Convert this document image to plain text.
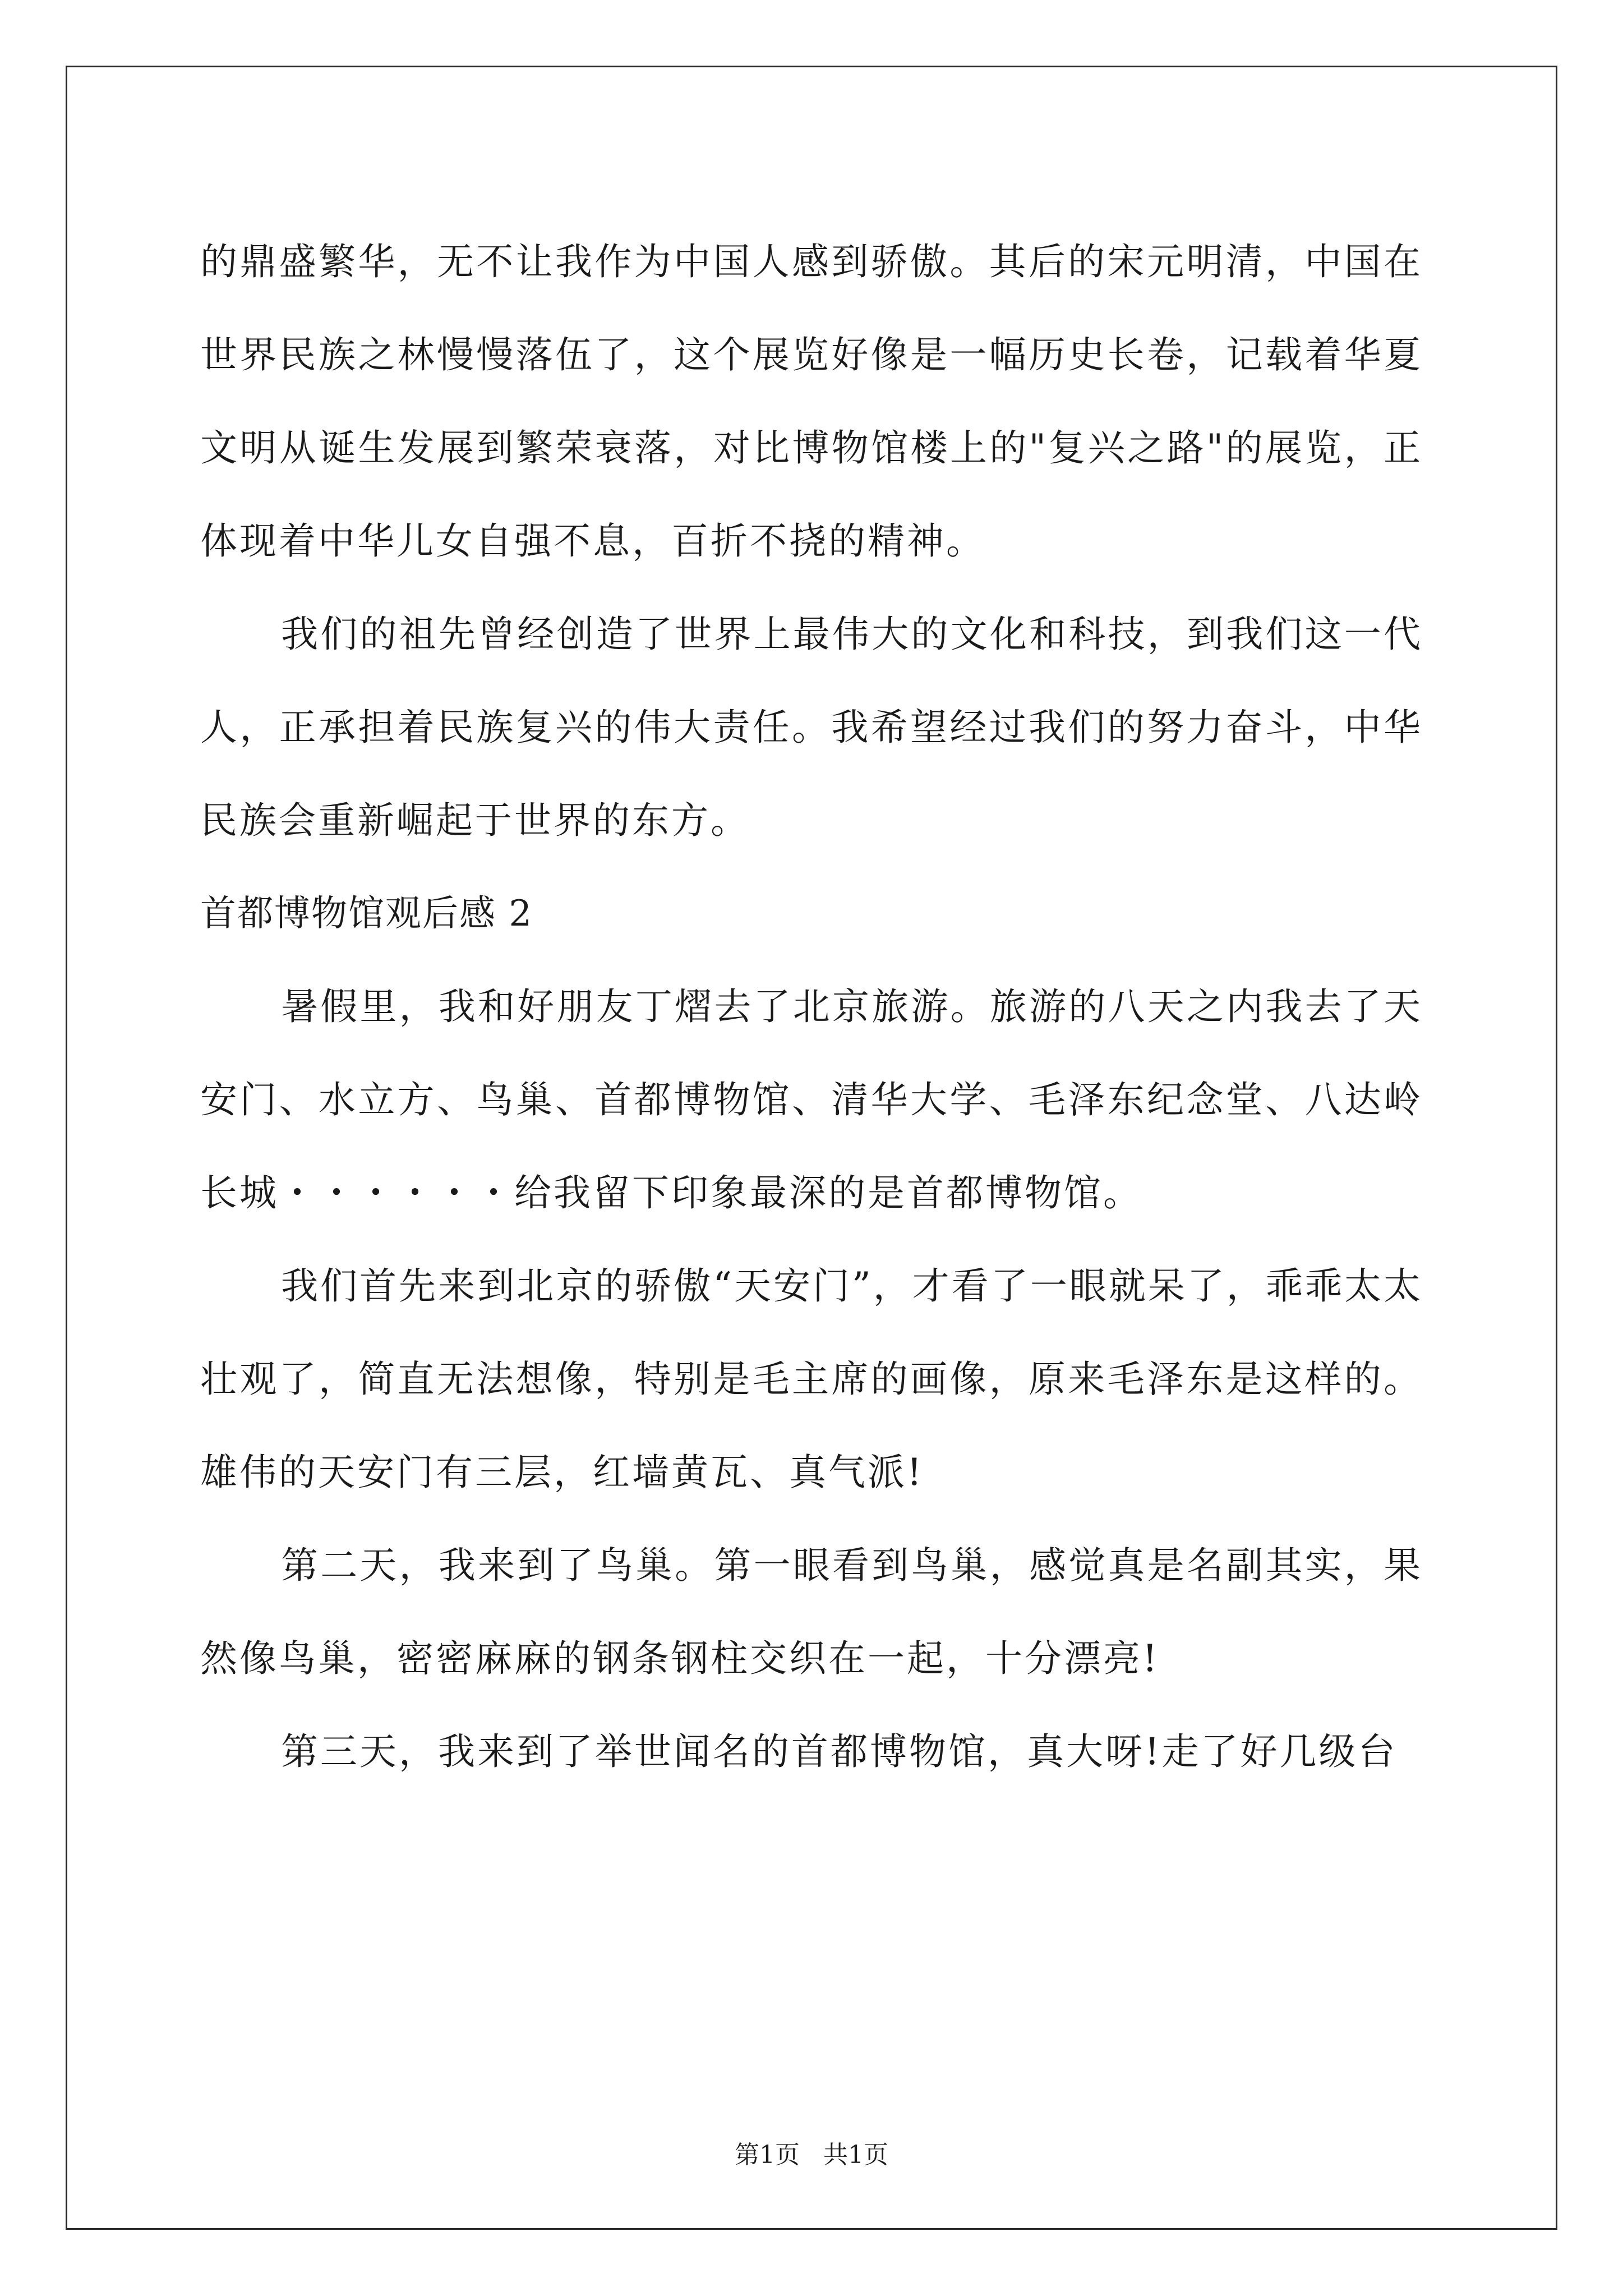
的鼎盛繁华，无不让我作为中国人感到骄傲。其后的宋元明清，中国在世界民族之林慢慢落伍了，这个展览好像是一幅历史长卷，记载着华夏文明从诞生发展到繁荣衰落，对比博物馆楼上的"复兴之路"的展览，正体现着中华儿女自强不息，百折不挠的精神。

我们的祖先曾经创造了世界上最伟大的文化和科技，到我们这一代人，正承担着民族复兴的伟大责任。我希望经过我们的努力奋斗，中华民族会重新崛起于世界的东方。

首都博物馆观后感 2

暑假里，我和好朋友丁熠去了北京旅游。旅游的八天之内我去了天安门、水立方、鸟巢、首都博物馆、清华大学、毛泽东纪念堂、八达岭长城・・・・・・给我留下印象最深的是首都博物馆。

我们首先来到北京的骄傲“天安门”，才看了一眼就呆了，乖乖太太壮观了，简直无法想像，特别是毛主席的画像，原来毛泽东是这样的。雄伟的天安门有三层，红墙黄瓦、真气派!

第二天，我来到了鸟巢。第一眼看到鸟巢，感觉真是名副其实，果然像鸟巢，密密麻麻的钢条钢柱交织在一起，十分漂亮!

第三天，我来到了举世闻名的首都博物馆，真大呀!走了好几级台

第1页 共1页
